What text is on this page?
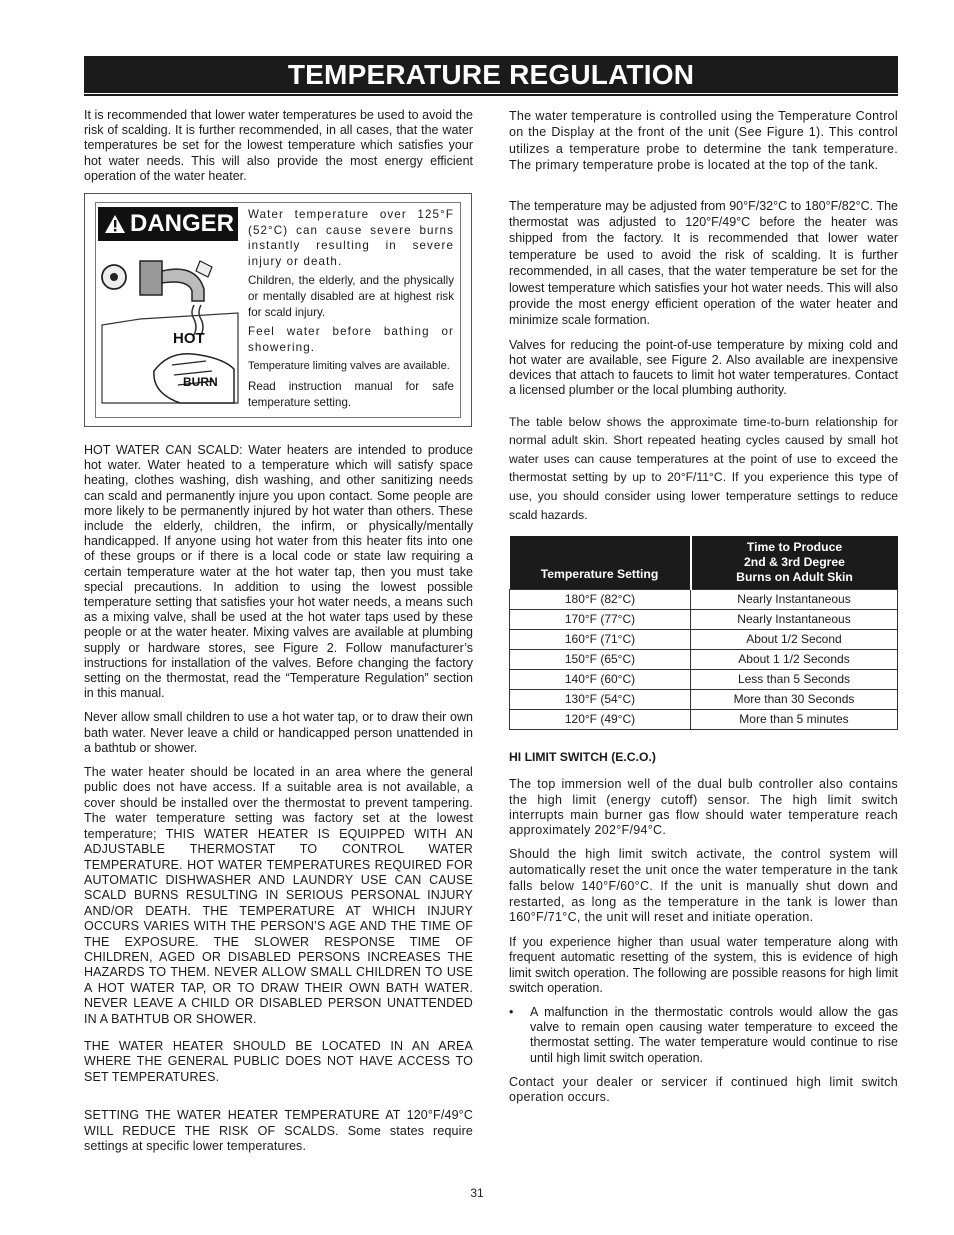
TEMPERATURE REGULATION

It is recommended that lower water temperatures be used to avoid the risk of scalding. It is further recommended, in all cases, that the water temperatures be set for the lowest temperature which satisfies your hot water needs. This will also provide the most energy efficient operation of the water heater.

DANGER
HOT
BURN

Water temperature over 125°F (52°C) can cause severe burns instantly resulting in severe injury or death.

Children, the elderly, and the physically or mentally disabled are at highest risk for scald injury.

Feel water before bathing or showering.

Temperature limiting valves are available.

Read instruction manual for safe temperature setting.

HOT WATER CAN SCALD: Water heaters are intended to produce hot water. Water heated to a temperature which will satisfy space heating, clothes washing, dish washing, and other sanitizing needs can scald and permanently injure you upon contact. Some people are more likely to be permanently injured by hot water than others. These include the elderly, children, the infirm, or physically/mentally handicapped. If anyone using hot water from this heater fits into one of these groups or if there is a local code or state law requiring a certain temperature water at the hot water tap, then you must take special precautions. In addition to using the lowest possible temperature setting that satisfies your hot water needs, a means such as a mixing valve, shall be used at the hot water taps used by these people or at the water heater. Mixing valves are available at plumbing supply or hardware stores, see Figure 2. Follow manufacturer’s instructions for installation of the valves. Before changing the factory setting on the thermostat, read the “Temperature Regulation” section in this manual.

Never allow small children to use a hot water tap, or to draw their own bath water. Never leave a child or handicapped person unattended in a bathtub or shower.

The water heater should be located in an area where the general public does not have access. If a suitable area is not available, a cover should be installed over the thermostat to prevent tampering. The water temperature setting was factory set at the lowest temperature; THIS WATER HEATER IS EQUIPPED WITH AN ADJUSTABLE THERMOSTAT TO CONTROL WATER TEMPERATURE. HOT WATER TEMPERATURES REQUIRED FOR AUTOMATIC DISHWASHER AND LAUNDRY USE CAN CAUSE SCALD BURNS RESULTING IN SERIOUS PERSONAL INJURY AND/OR DEATH. THE TEMPERATURE AT WHICH INJURY OCCURS VARIES WITH THE PERSON’S AGE AND THE TIME OF THE EXPOSURE. THE SLOWER RESPONSE TIME OF CHILDREN, AGED OR DISABLED PERSONS INCREASES THE HAZARDS TO THEM. NEVER ALLOW SMALL CHILDREN TO USE A HOT WATER TAP, OR TO DRAW THEIR OWN BATH WATER. NEVER LEAVE A CHILD OR DISABLED PERSON UNATTENDED IN A BATHTUB OR SHOWER.

THE WATER HEATER SHOULD BE LOCATED IN AN AREA WHERE THE GENERAL PUBLIC DOES NOT HAVE ACCESS TO SET TEMPERATURES.

SETTING THE WATER HEATER TEMPERATURE AT 120°F/49°C WILL REDUCE THE RISK OF SCALDS. Some states require settings at specific lower temperatures.

The water temperature is controlled using the Temperature Control on the Display at the front of the unit (See Figure 1). This control utilizes a temperature probe to determine the tank temperature. The primary temperature probe is located at the top of the tank.

The temperature may be adjusted from 90°F/32°C to 180°F/82°C. The thermostat was adjusted to 120°F/49°C before the heater was shipped from the factory. It is recommended that lower water temperature be used to avoid the risk of scalding. It is further recommended, in all cases, that the water temperature be set for the lowest temperature which satisfies your hot water needs. This will also provide the most energy efficient operation of the water heater and minimize scale formation.

Valves for reducing the point-of-use temperature by mixing cold and hot water are available, see Figure 2. Also available are inexpensive devices that attach to faucets to limit hot water temperatures. Contact a licensed plumber or the local plumbing authority.

The table below shows the approximate time-to-burn relationship for normal adult skin. Short repeated heating cycles caused by small hot water uses can cause temperatures at the point of use to exceed the thermostat setting by up to 20°F/11°C. If you experience this type of use, you should consider using lower temperature settings to reduce scald hazards.

Temperature Setting	Time to Produce
2nd & 3rd Degree
Burns on Adult Skin

180°F (82°C)	Nearly Instantaneous
170°F (77°C)	Nearly Instantaneous
160°F (71°C)	About 1/2 Second
150°F (65°C)	About 1 1/2 Seconds
140°F (60°C)	Less than 5 Seconds
130°F (54°C)	More than 30 Seconds
120°F (49°C)	More than 5 minutes
HI LIMIT SWITCH (E.C.O.)

The top immersion well of the dual bulb controller also contains the high limit (energy cutoff) sensor. The high limit switch interrupts main burner gas flow should water temperature reach approximately 202°F/94°C.

Should the high limit switch activate, the control system will automatically reset the unit once the water temperature in the tank falls below 140°F/60°C. If the unit is manually shut down and restarted, as long as the temperature in the tank is lower than 160°F/71°C, the unit will reset and initiate operation.

If you experience higher than usual water temperature along with frequent automatic resetting of the system, this is evidence of high limit switch operation. The following are possible reasons for high limit switch operation.

• A malfunction in the thermostatic controls would allow the gas valve to remain open causing water temperature to exceed the thermostat setting. The water temperature would continue to rise until high limit switch operation.

Contact your dealer or servicer if continued high limit switch operation occurs.

31
